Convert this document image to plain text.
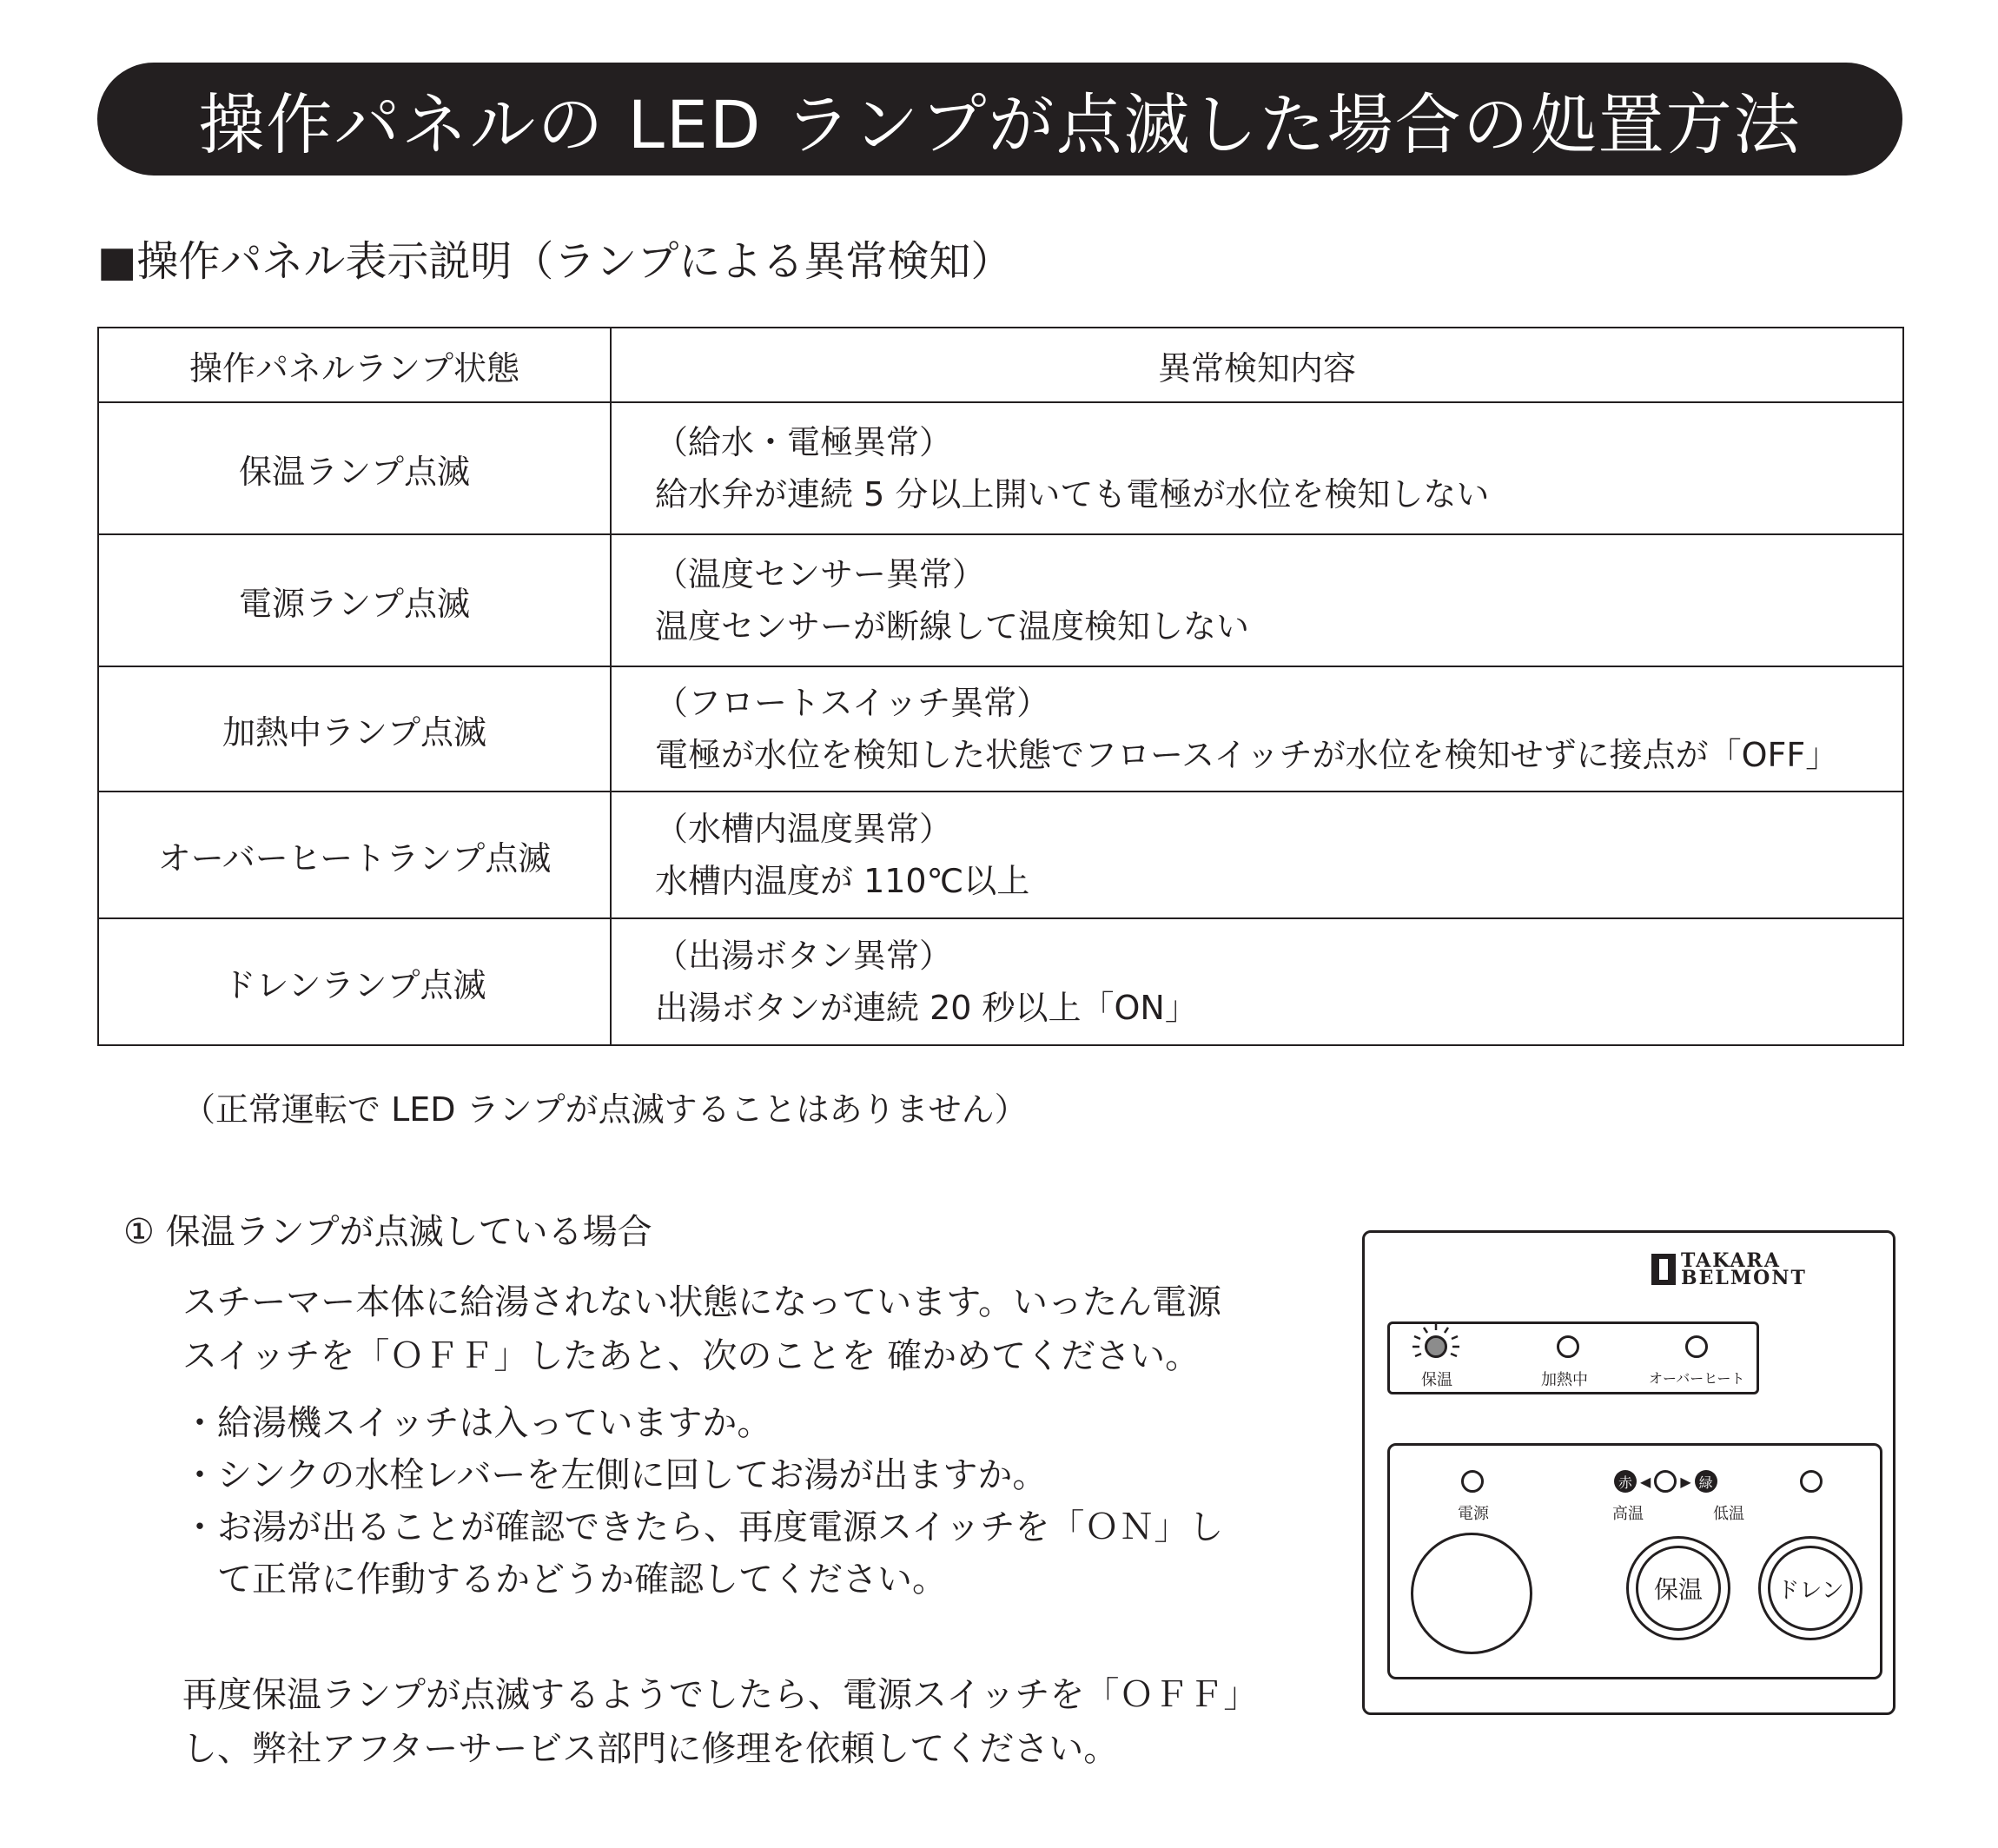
操作パネルの LED ランプが点滅した場合の処置方法
■操作パネル表示説明（ランプによる異常検知）
操作パネルランプ状態	異常検知内容
保温ランプ点滅	（給水・電極異常）
給水弁が連続 5 分以上開いても電極が水位を検知しない

電源ランプ点滅	（温度センサー異常）
温度センサーが断線して温度検知しない

加熱中ランプ点滅	（フロートスイッチ異常）
電極が水位を検知した状態でフロースイッチが水位を検知せずに接点が「OFF」

オーバーヒートランプ点滅	（水槽内温度異常）
水槽内温度が 110℃以上

ドレンランプ点滅	（出湯ボタン異常）
出湯ボタンが連続 20 秒以上「ON」
（正常運転で LED ランプが点滅することはありません）
① 保温ランプが点滅している場合
スチーマー本体に給湯されない状態になっています。いったん電源
スイッチを「ＯＦＦ」したあと、次のことを 確かめてください。
・給湯機スイッチは入っていますか。
・シンクの水栓レバーを左側に回してお湯が出ますか。
・お湯が出ることが確認できたら、再度電源スイッチを「ＯＮ」し
　て正常に作動するかどうか確認してください。
再度保温ランプが点滅するようでしたら、電源スイッチを「ＯＦＦ」
し、弊社アフターサービス部門に修理を依頼してください。
TAKARA
BELMONT
保温	加熱中	オーバーヒート
電源
赤 ◀ ▶ 緑
高温	低温
保温	ドレン
